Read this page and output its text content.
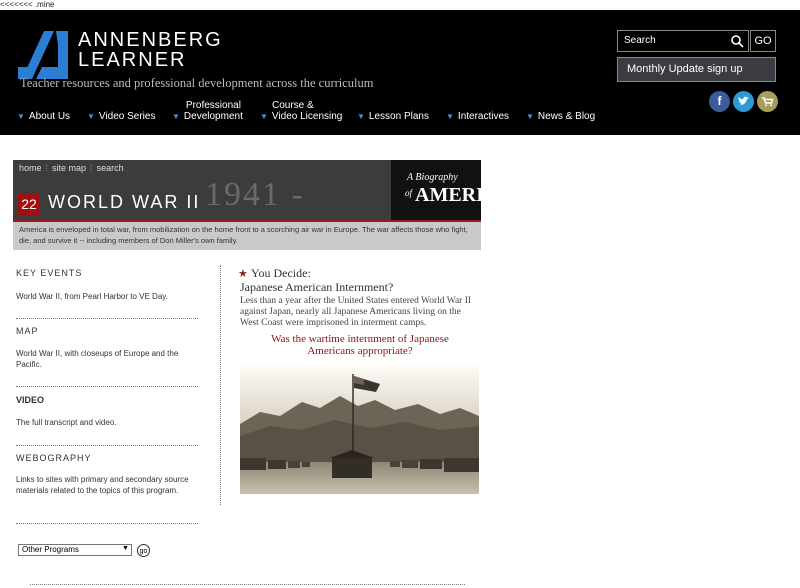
<<<<<<< .mine
ANNENBERG
LEARNER
Teacher resources and professional development across the curriculum
Search	GO
Monthly Update sign up
f
▼ About Us ▼ Video Series
Professional
▼ Development
Course &
▼ Video Licensing ▼ Lesson Plans ▼ Interactives ▼ News & Blog
home ⁞ site map ⁞ search
1941 -
22 WORLD WAR II
A Biography
of AMERICA
America is enveloped in total war, from mobilization on the home front to a scorching air war in Europe. The war affects those who fight, die, and survive it -- including members of Don Miller's own family.
KEY EVENTS
World War II, from Pearl Harbor to VE Day.
MAP
World War II, with closeups of Europe and the Pacific.
VIDEO
The full transcript and video.
WEBOGRAPHY
Links to sites with primary and secondary source materials related to the topics of this program.
★ You Decide:
Japanese American Internment?
Less than a year after the United States entered World War II against Japan, nearly all Japanese Americans living on the West Coast were imprisoned in interment camps.
Was the wartime internment of Japanese Americans appropriate?
Other Programs	▼	go
